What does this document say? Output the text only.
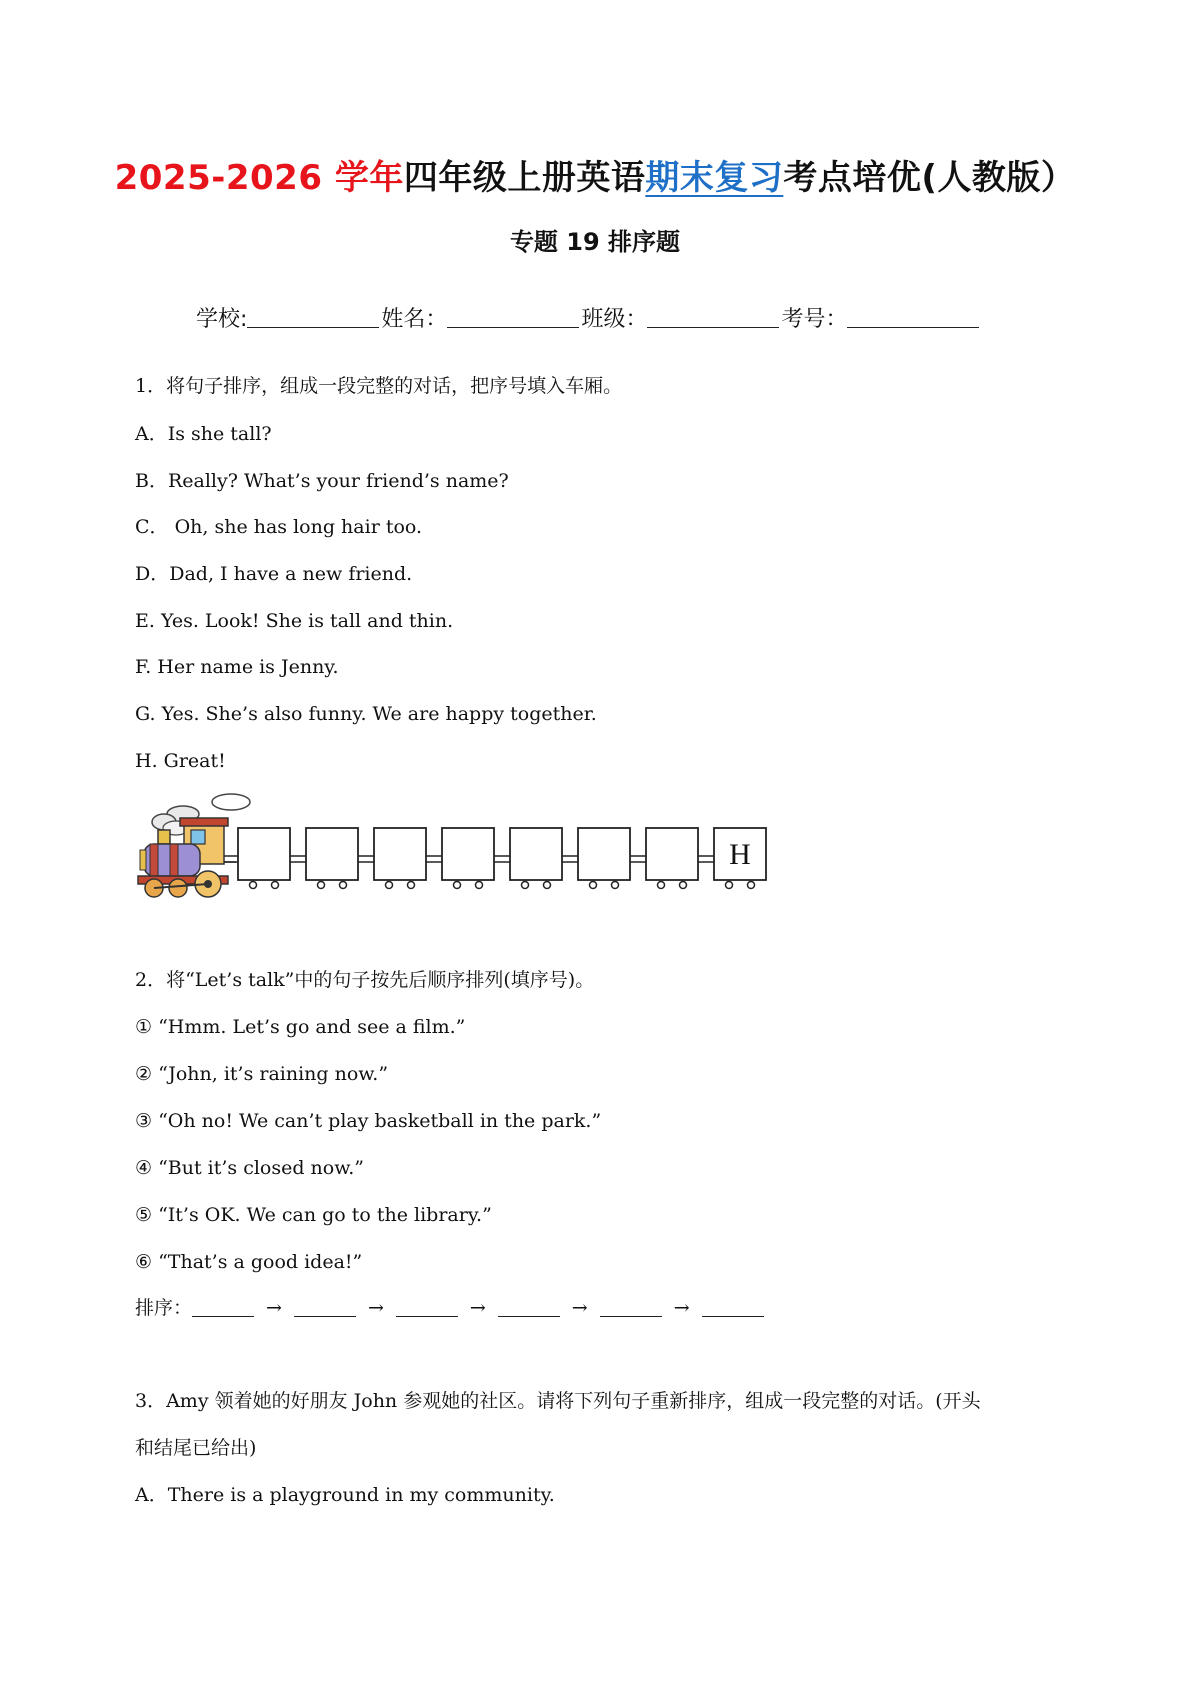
2025-2026 学年四年级上册英语期末复习考点培优(人教版）
专题 19 排序题
学校:	姓名：	班级：	考号：
1．将句子排序，组成一段完整的对话，把序号填入车厢。
A．Is she tall?
B．Really? What’s your friend’s name?
C． Oh, she has long hair too.
D．Dad, I have a new friend.
E. Yes. Look! She is tall and thin.
F. Her name is Jenny.
G. Yes. She’s also funny. We are happy together.
H. Great!
H
2．将“Let’s talk”中的句子按先后顺序排列(填序号)。
① “Hmm. Let’s go and see a film.”
② “John, it’s raining now.”
③ “Oh no! We can’t play basketball in the park.”
④ “But it’s closed now.”
⑤ “It’s OK. We can go to the library.”
⑥ “That’s a good idea!”
排序：	→	→	→	→	→
3．Amy 领着她的好朋友 John 参观她的社区。请将下列句子重新排序，组成一段完整的对话。(开头
和结尾已给出)
A．There is a playground in my community.
